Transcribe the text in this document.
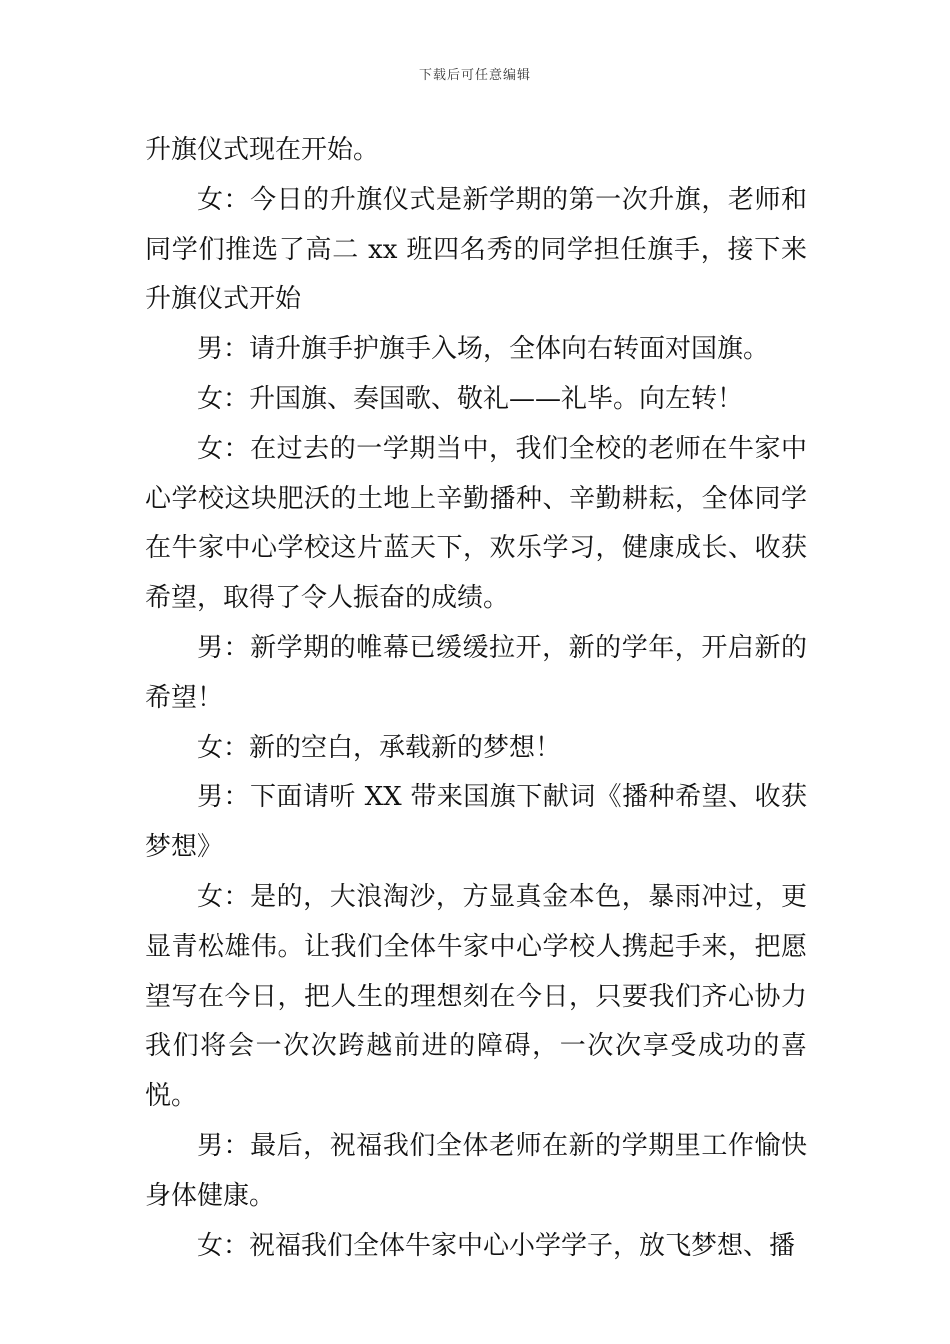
下载后可任意编辑

升旗仪式现在开始。

女：今日的升旗仪式是新学期的第一次升旗，老师和同学们推选了高二 xx 班四名秀的同学担任旗手，接下来升旗仪式开始

男：请升旗手护旗手入场，全体向右转面对国旗。

女：升国旗、奏国歌、敬礼——礼毕。向左转！

女：在过去的一学期当中，我们全校的老师在牛家中心学校这块肥沃的土地上辛勤播种、辛勤耕耘，全体同学在牛家中心学校这片蓝天下，欢乐学习，健康成长、收获希望，取得了令人振奋的成绩。

男：新学期的帷幕已缓缓拉开，新的学年，开启新的希望！

女：新的空白，承载新的梦想！

男：下面请听 XX 带来国旗下献词《播种希望、收获梦想》

女：是的，大浪淘沙，方显真金本色，暴雨冲过，更显青松雄伟。让我们全体牛家中心学校人携起手来，把愿望写在今日，把人生的理想刻在今日，只要我们齐心协力我们将会一次次跨越前进的障碍，一次次享受成功的喜悦。

男：最后，祝福我们全体老师在新的学期里工作愉快身体健康。

女：祝福我们全体牛家中心小学学子，放飞梦想、播
